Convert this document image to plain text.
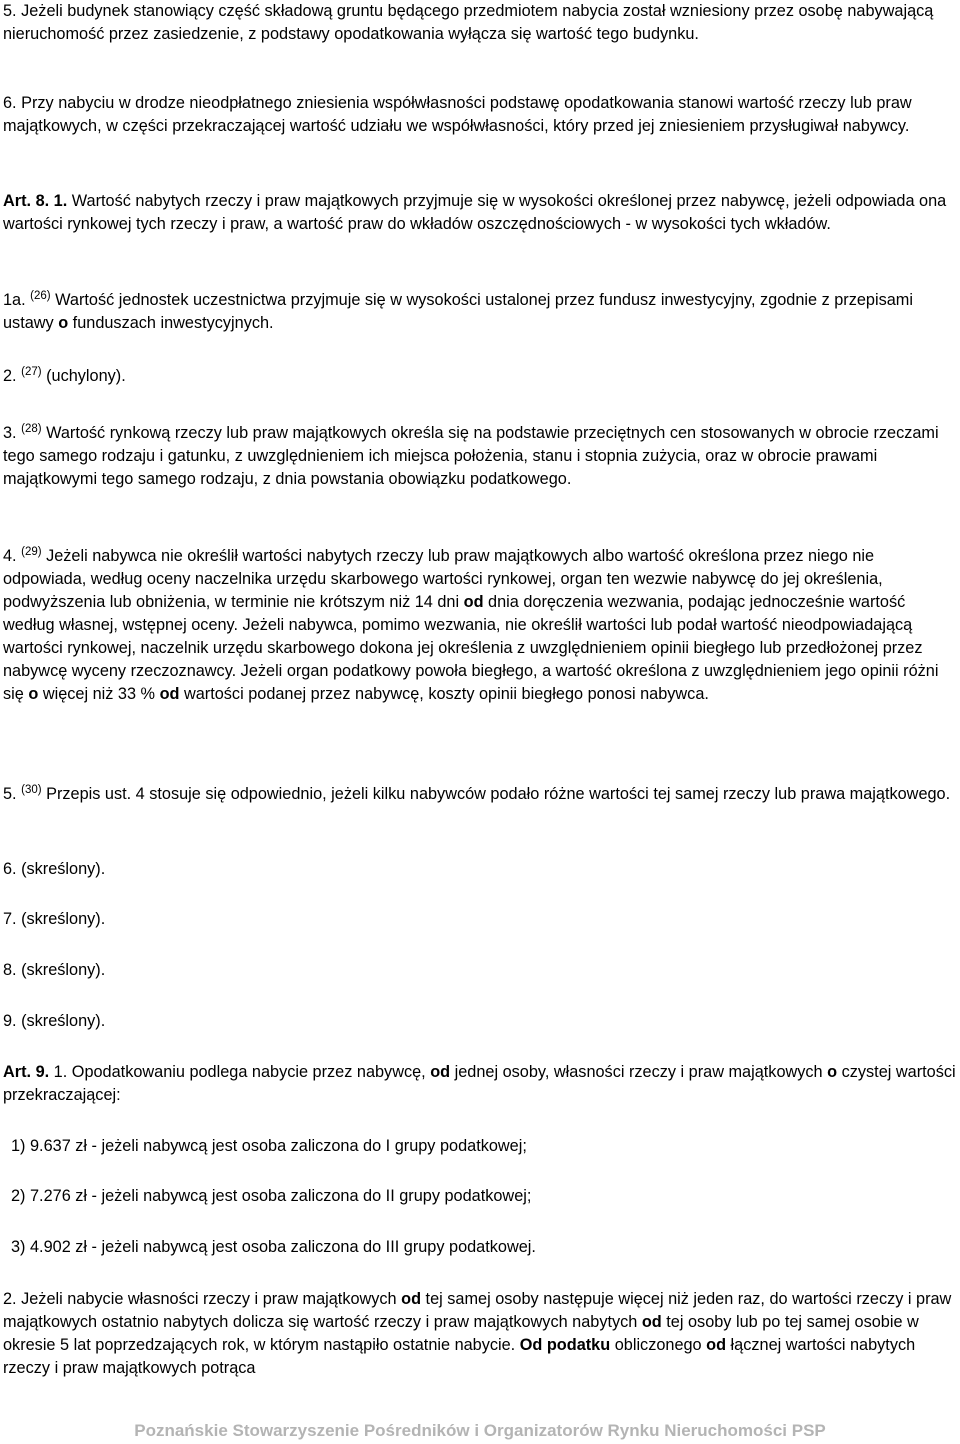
5. Jeżeli budynek stanowiący część składową gruntu będącego przedmiotem nabycia został wzniesiony przez osobę nabywającą nieruchomość przez zasiedzenie, z podstawy opodatkowania wyłącza się wartość tego budynku.

6. Przy nabyciu w drodze nieodpłatnego zniesienia współwłasności podstawę opodatkowania stanowi wartość rzeczy lub praw majątkowych, w części przekraczającej wartość udziału we współwłasności, który przed jej zniesieniem przysługiwał nabywcy.

Art. 8. 1. Wartość nabytych rzeczy i praw majątkowych przyjmuje się w wysokości określonej przez nabywcę, jeżeli odpowiada ona wartości rynkowej tych rzeczy i praw, a wartość praw do wkładów oszczędnościowych - w wysokości tych wkładów.

1a. $^{(26)}$ Wartość jednostek uczestnictwa przyjmuje się w wysokości ustalonej przez fundusz inwestycyjny, zgodnie z przepisami ustawy o funduszach inwestycyjnych.

2. $^{(27)}$ (uchylony).

3. $^{(28)}$ Wartość rynkową rzeczy lub praw majątkowych określa się na podstawie przeciętnych cen stosowanych w obrocie rzeczami tego samego rodzaju i gatunku, z uwzględnieniem ich miejsca położenia, stanu i stopnia zużycia, oraz w obrocie prawami majątkowymi tego samego rodzaju, z dnia powstania obowiązku podatkowego.

4. $^{(29)}$ Jeżeli nabywca nie określił wartości nabytych rzeczy lub praw majątkowych albo wartość określona przez niego nie odpowiada, według oceny naczelnika urzędu skarbowego wartości rynkowej, organ ten wezwie nabywcę do jej określenia, podwyższenia lub obniżenia, w terminie nie krótszym niż 14 dni od dnia doręczenia wezwania, podając jednocześnie wartość według własnej, wstępnej oceny. Jeżeli nabywca, pomimo wezwania, nie określił wartości lub podał wartość nieodpowiadającą wartości rynkowej, naczelnik urzędu skarbowego dokona jej określenia z uwzględnieniem opinii biegłego lub przedłożonej przez nabywcę wyceny rzeczoznawcy. Jeżeli organ podatkowy powoła biegłego, a wartość określona z uwzględnieniem jego opinii różni się o więcej niż 33 % od wartości podanej przez nabywcę, koszty opinii biegłego ponosi nabywca.

5. $^{(30)}$ Przepis ust. 4 stosuje się odpowiednio, jeżeli kilku nabywców podało różne wartości tej samej rzeczy lub prawa majątkowego.

6. (skreślony).

7. (skreślony).

8. (skreślony).

9. (skreślony).

Art. 9. 1. Opodatkowaniu podlega nabycie przez nabywcę, od jednej osoby, własności rzeczy i praw majątkowych o czystej wartości przekraczającej:

1) 9.637 zł - jeżeli nabywcą jest osoba zaliczona do I grupy podatkowej;

2) 7.276 zł - jeżeli nabywcą jest osoba zaliczona do II grupy podatkowej;

3) 4.902 zł - jeżeli nabywcą jest osoba zaliczona do III grupy podatkowej.

2. Jeżeli nabycie własności rzeczy i praw majątkowych od tej samej osoby następuje więcej niż jeden raz, do wartości rzeczy i praw majątkowych ostatnio nabytych dolicza się wartość rzeczy i praw majątkowych nabytych od tej osoby lub po tej samej osobie w okresie 5 lat poprzedzających rok, w którym nastąpiło ostatnie nabycie. Od podatku obliczonego od łącznej wartości nabytych rzeczy i praw majątkowych potrąca

Poznańskie Stowarzyszenie Pośredników i Organizatorów Rynku Nieruchomości PSP
